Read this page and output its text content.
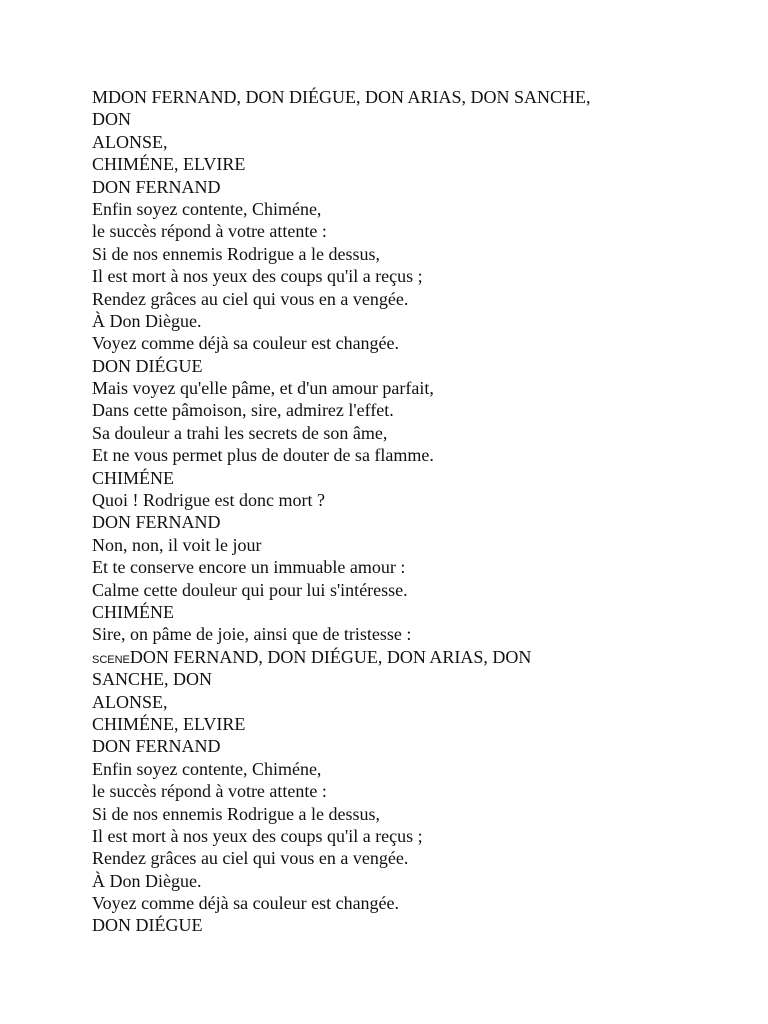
MDON FERNAND, DON DIÉGUE, DON ARIAS, DON SANCHE,
DON
ALONSE,
CHIMÉNE, ELVIRE
DON FERNAND
Enfin soyez contente, Chiméne,
le succès répond à votre attente :
Si de nos ennemis Rodrigue a le dessus,
Il est mort à nos yeux des coups qu'il a reçus ;
Rendez grâces au ciel qui vous en a vengée.
À Don Diègue.
Voyez comme déjà sa couleur est changée.
DON DIÉGUE
Mais voyez qu'elle pâme, et d'un amour parfait,
Dans cette pâmoison, sire, admirez l'effet.
Sa douleur a trahi les secrets de son âme,
Et ne vous permet plus de douter de sa flamme.
CHIMÉNE
Quoi ! Rodrigue est donc mort ?
DON FERNAND
Non, non, il voit le jour
Et te conserve encore un immuable amour :
Calme cette douleur qui pour lui s'intéresse.
CHIMÉNE
Sire, on pâme de joie, ainsi que de tristesse :
SCENEDON FERNAND, DON DIÉGUE, DON ARIAS, DON
SANCHE, DON
ALONSE,
CHIMÉNE, ELVIRE
DON FERNAND
Enfin soyez contente, Chiméne,
le succès répond à votre attente :
Si de nos ennemis Rodrigue a le dessus,
Il est mort à nos yeux des coups qu'il a reçus ;
Rendez grâces au ciel qui vous en a vengée.
À Don Diègue.
Voyez comme déjà sa couleur est changée.
DON DIÉGUE
